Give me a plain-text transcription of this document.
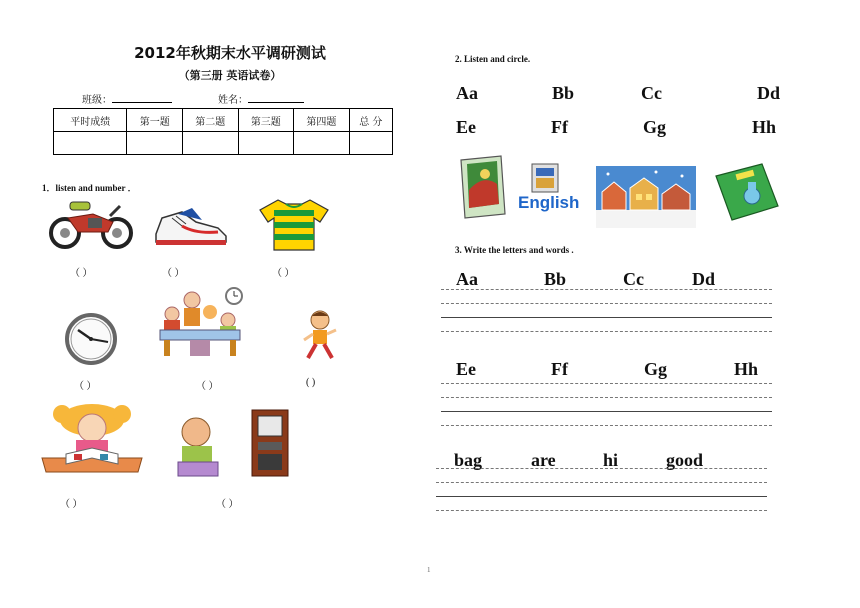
2012年秋期末水平调研测试
（第三册 英语试卷）
班级：	姓名：
平时成绩	第一题	第二题	第三题	第四题	总 分

1．listen and number ．
（ ）	（ ）	（ ）
（ ）	（ ）	( )
（ ）	（ ）
2. Listen and circle.
Aa	Bb	Cc	Dd
Ee	Ff	Gg	Hh
English
3. Write the letters and words .
Aa	Bb	Cc	Dd
Ee	Ff	Gg	Hh
bag	are	hi	good
1
